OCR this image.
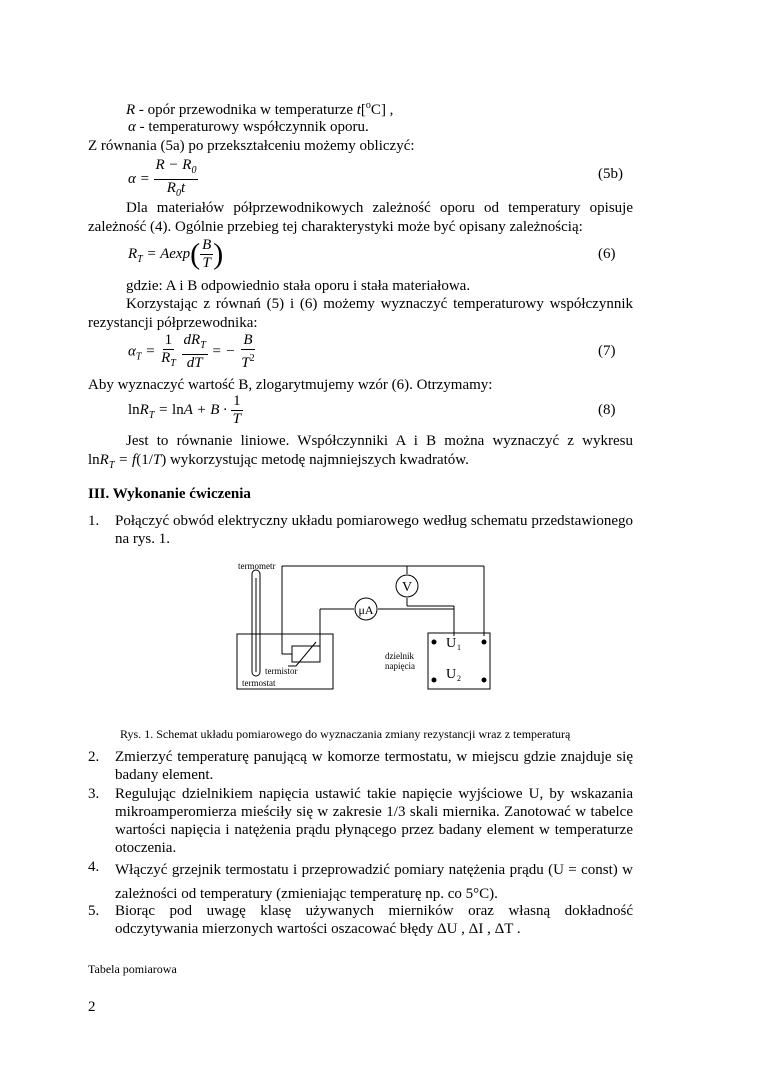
R - opór przewodnika w temperaturze t[$^o$C] ,
α - temperaturowy współczynnik oporu.
Z równania (5a) po przekształceniu możemy obliczyć:
$\alpha = \frac{R - R_0}{R_0t}$	(5b)
Dla materiałów półprzewodnikowych zależność oporu od temperatury opisuje
zależność (4). Ogólnie przebieg tej charakterystyki może być opisany zależnością:
$R_T = Aexp( \frac{B}{T}$ )	(6)
gdzie: A i B odpowiednio stała oporu i stała materiałowa.
Korzystając z równań (5) i (6) możemy wyznaczyć temperaturowy współczynnik
rezystancji półprzewodnika:
$\alpha_T = \frac{1}{R_T}$
$\frac{dR_T}{dT}$ = − $\frac{B}{T^2}$	(7)
Aby wyznaczyć wartość B, zlogarytmujemy wzór (6). Otrzymamy:
$\ln R_T = \ln A + B \cdot \frac{1}{T}$	(8)
Jest to równanie liniowe. Współczynniki A i B można wyznaczyć z wykresu
lnR$_T$ = f(1/T) wykorzystując metodę najmniejszych kwadratów.
III. Wykonanie ćwiczenia
1. Połączyć obwód elektryczny układu pomiarowego według schematu przedstawionego na rys. 1.
V
μA
U 1
U 2
termometr
termistor
termostat
dzielnik
napięcia
Rys. 1. Schemat układu pomiarowego do wyznaczania zmiany rezystancji wraz z temperaturą
2. Zmierzyć temperaturę panującą w komorze termostatu, w miejscu gdzie znajduje się badany element.
3. Regulując dzielnikiem napięcia ustawić takie napięcie wyjściowe U, by wskazania mikroamperomierza mieściły się w zakresie 1/3 skali miernika. Zanotować w tabelce wartości napięcia i natężenia prądu płynącego przez badany element w temperaturze otoczenia.
4. Włączyć grzejnik termostatu i przeprowadzić pomiary natężenia prądu (U = const) w zależności od temperatury (zmieniając temperaturę np. co 5°C).
5. Biorąc pod uwagę klasę używanych mierników oraz własną dokładność odczytywania mierzonych wartości oszacować błędy ΔU , ΔI , ΔT .
Tabela pomiarowa
2
